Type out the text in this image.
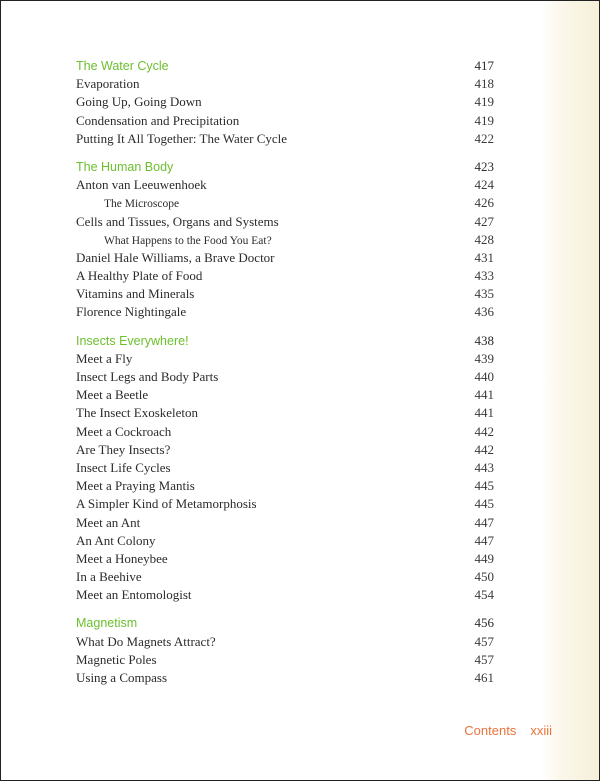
The Water Cycle	417
Evaporation	418
Going Up, Going Down	419
Condensation and Precipitation	419
Putting It All Together: The Water Cycle	422
The Human Body	423
Anton van Leeuwenhoek	424
The Microscope	426
Cells and Tissues, Organs and Systems	427
What Happens to the Food You Eat?	428
Daniel Hale Williams, a Brave Doctor	431
A Healthy Plate of Food	433
Vitamins and Minerals	435
Florence Nightingale	436
Insects Everywhere!	438
Meet a Fly	439
Insect Legs and Body Parts	440
Meet a Beetle	441
The Insect Exoskeleton	441
Meet a Cockroach	442
Are They Insects?	442
Insect Life Cycles	443
Meet a Praying Mantis	445
A Simpler Kind of Metamorphosis	445
Meet an Ant	447
An Ant Colony	447
Meet a Honeybee	449
In a Beehive	450
Meet an Entomologist	454
Magnetism	456
What Do Magnets Attract?	457
Magnetic Poles	457
Using a Compass	461
Contents xxiii
